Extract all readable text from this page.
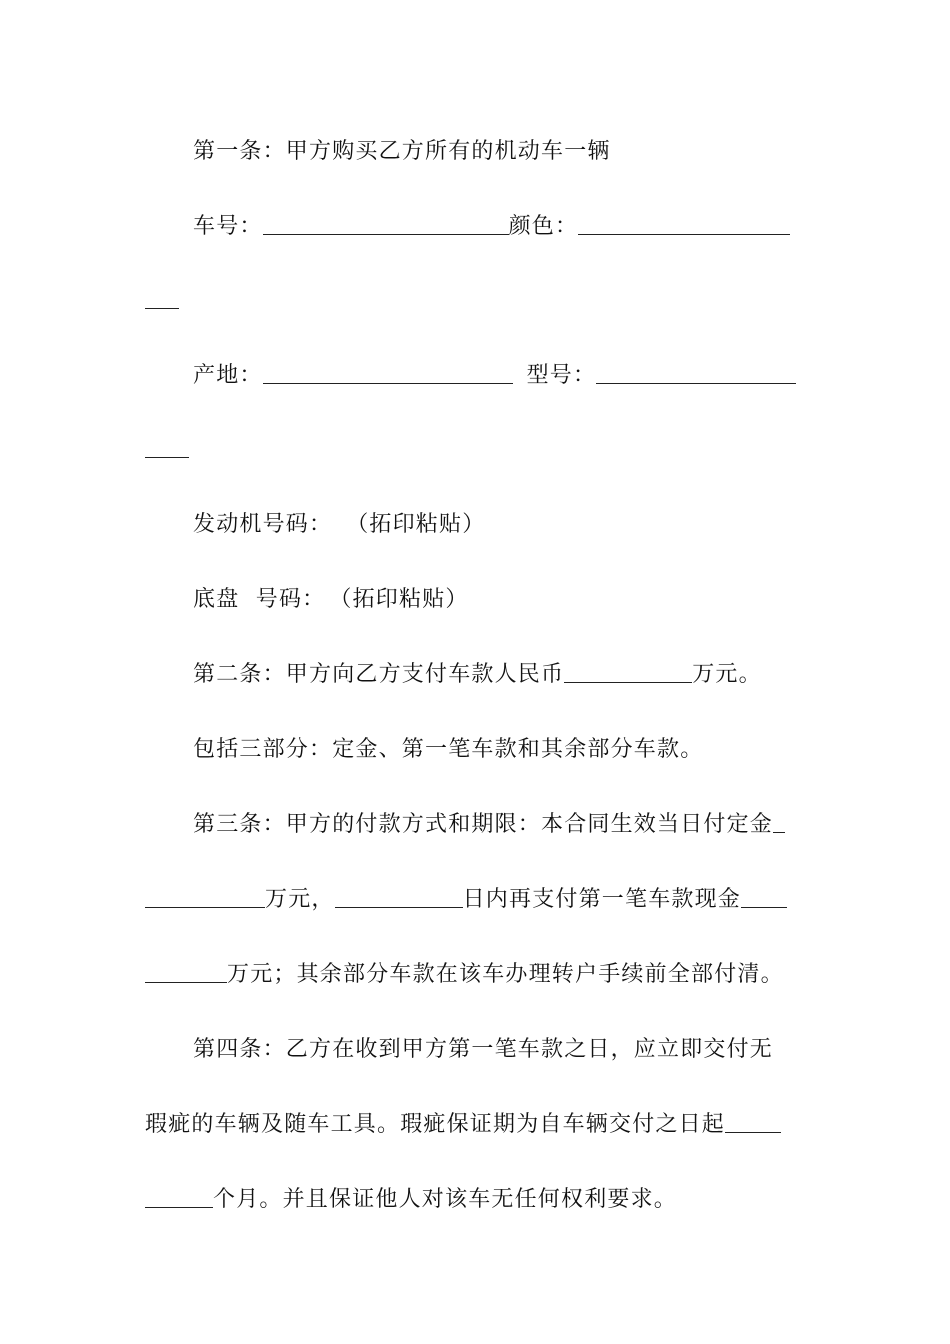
第一条：甲方购买乙方所有的机动车一辆
车号：	颜色：
产地：	型号：
发动机号码： （拓印粘贴）
底盘  号码： （拓印粘贴）
第二条：甲方向乙方支付车款人民币	万元。
包括三部分：定金、第一笔车款和其余部分车款。
第三条：甲方的付款方式和期限：本合同生效当日付定金
万元，	日内再支付第一笔车款现金
万元；其余部分车款在该车办理转户手续前全部付清。
第四条：乙方在收到甲方第一笔车款之日，应立即交付无
瑕疵的车辆及随车工具。瑕疵保证期为自车辆交付之日起
个月。并且保证他人对该车无任何权利要求。
